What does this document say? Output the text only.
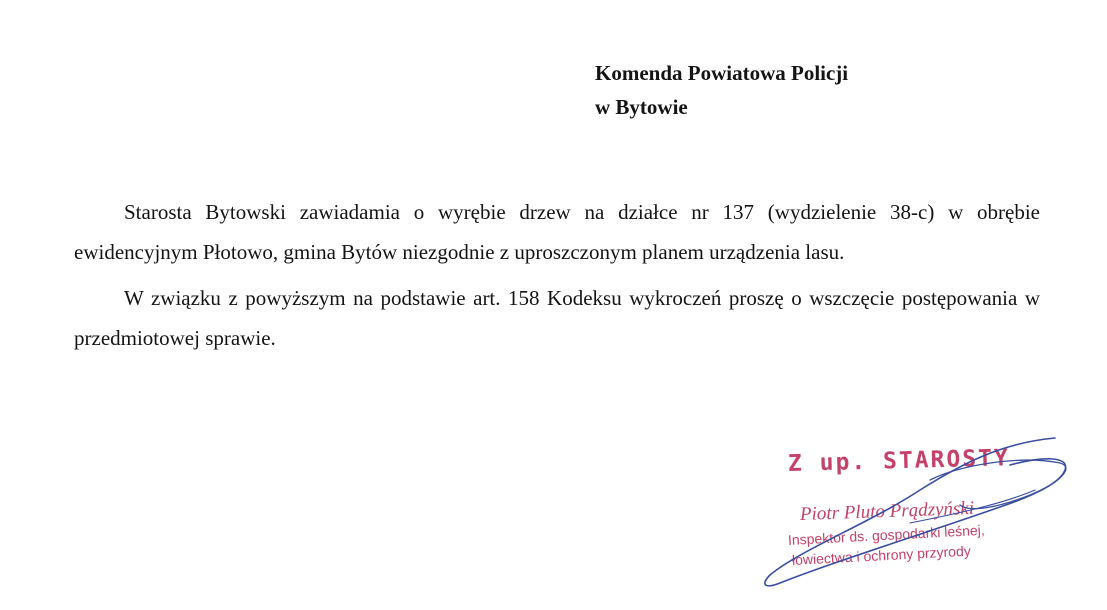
Komenda Powiatowa Policji
w Bytowie

Starosta Bytowski zawiadamia o wyrębie drzew na działce nr 137 (wydzielenie 38-c) w obrębie ewidencyjnym Płotowo, gmina Bytów niezgodnie z uproszczonym planem urządzenia lasu.

W związku z powyższym na podstawie art. 158 Kodeksu wykroczeń proszę o wszczęcie postępowania w przedmiotowej sprawie.

Z up. STAROSTY
Piotr Pluto Prądzyński
Inspektor ds. gospodarki leśnej,
łowiectwa i ochrony przyrody
